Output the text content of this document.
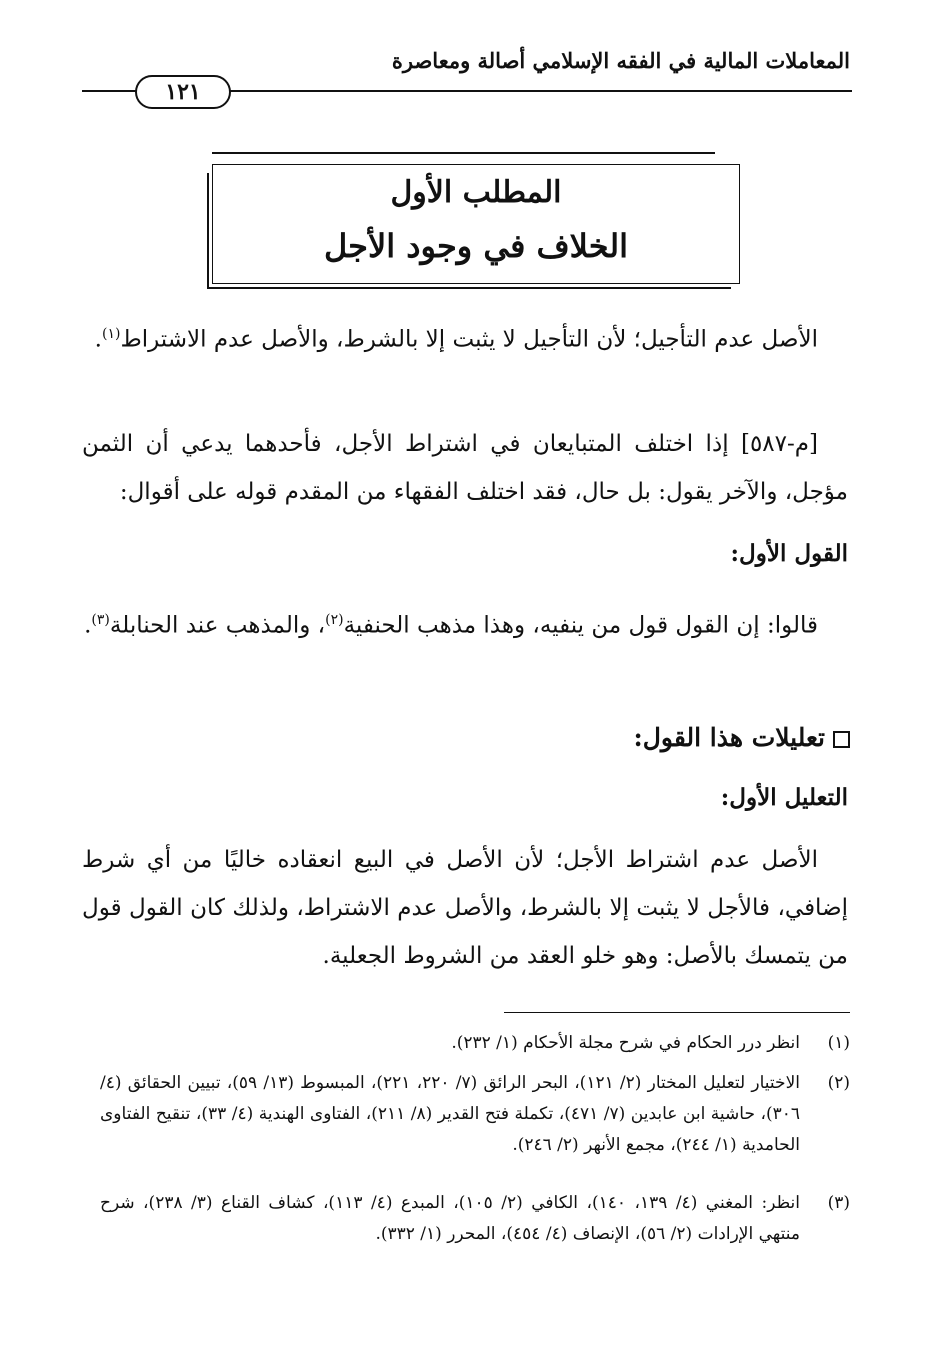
المعاملات المالية في الفقه الإسلامي أصالة ومعاصرة
١٢١
المطلب الأول
الخلاف في وجود الأجل
الأصل عدم التأجيل؛ لأن التأجيل لا يثبت إلا بالشرط، والأصل عدم الاشتراط$^{(١)}$.
[م-٥٨٧] إذا اختلف المتبايعان في اشتراط الأجل، فأحدهما يدعي أن الثمن مؤجل، والآخر يقول: بل حال، فقد اختلف الفقهاء من المقدم قوله على أقوال:
القول الأول:
قالوا: إن القول قول من ينفيه، وهذا مذهب الحنفية$^{(٢)}$، والمذهب عند الحنابلة$^{(٣)}$.
تعليلات هذا القول:
التعليل الأول:
الأصل عدم اشتراط الأجل؛ لأن الأصل في البيع انعقاده خاليًا من أي شرط إضافي، فالأجل لا يثبت إلا بالشرط، والأصل عدم الاشتراط، ولذلك كان القول قول من يتمسك بالأصل: وهو خلو العقد من الشروط الجعلية.
(١)
انظر درر الحكام في شرح مجلة الأحكام (١/ ٢٣٢).
(٢)
الاختيار لتعليل المختار (٢/ ١٢١)، البحر الرائق (٧/ ٢٢٠، ٢٢١)، المبسوط (١٣/ ٥٩)، تبيين الحقائق (٤/ ٣٠٦)، حاشية ابن عابدين (٧/ ٤٧١)، تكملة فتح القدير (٨/ ٢١١)، الفتاوى الهندية (٤/ ٣٣)، تنقيح الفتاوى الحامدية (١/ ٢٤٤)، مجمع الأنهر (٢/ ٢٤٦).
(٣)
انظر: المغني (٤/ ١٣٩، ١٤٠)، الكافي (٢/ ١٠٥)، المبدع (٤/ ١١٣)، كشاف القناع (٣/ ٢٣٨)، شرح منتهي الإرادات (٢/ ٥٦)، الإنصاف (٤/ ٤٥٤)، المحرر (١/ ٣٣٢).
